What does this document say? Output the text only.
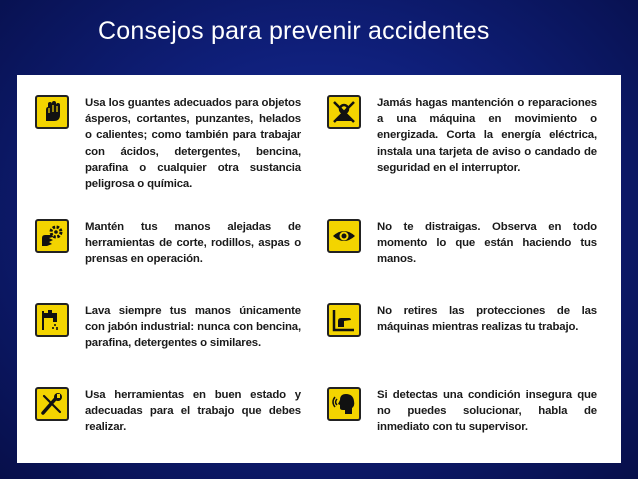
Consejos para prevenir accidentes
Usa los guantes adecuados para objetos ásperos, cortantes, punzantes, helados o calientes; como también para trabajar con ácidos, detergentes, bencina, parafina o cualquier otra sustancia peligrosa o química.
Jamás hagas mantención o reparaciones a una máquina en movimiento o energizada. Corta la energía eléctrica, instala una tarjeta de aviso o candado de seguridad en el interruptor.
Mantén tus manos alejadas de herramientas de corte, rodillos, aspas o prensas en operación.
No te distraigas. Observa en todo momento lo que están haciendo tus manos.
Lava siempre tus manos únicamente con jabón industrial: nunca con bencina, parafina, detergentes o similares.
No retires las protecciones de las máquinas mientras realizas tu trabajo.
Usa herramientas en buen estado y adecuadas para el trabajo que debes realizar.
Si detectas una condición insegura que no puedes solucionar, habla de inmediato con tu supervisor.
